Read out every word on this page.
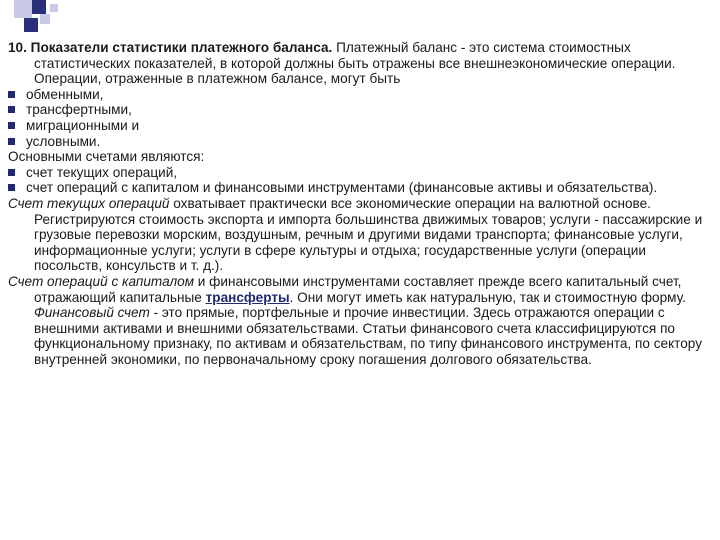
10. Показатели статистики платежного баланса. Платежный баланс - это система стоимостных статистических показателей, в которой должны быть отражены все внешнеэкономические операции. Операции, отраженные в платежном балансе, могут быть

обменными,

трансфертными,

миграционными и

условными.

Основными счетами являются:

счет текущих операций,

счет операций с капиталом и финансовыми инструментами (финансовые активы и обязательства).

Счет текущих операций охватывает практически все экономические операции на валютной основе. Регистрируются стоимость экспорта и импорта большинства движимых товаров; услуги - пассажирские и грузовые перевозки морским, воздушным, речным и другими видами транспорта; финансовые услуги, информационные услуги; услуги в сфере культуры и отдыха; государственные услуги (операции посольств, консульств и т. д.).

Счет операций с капиталом и финансовыми инструментами составляет прежде всего капитальный счет, отражающий капитальные трансферты. Они могут иметь как натуральную, так и стоимостную форму. Финансовый счет - это прямые, портфельные и прочие инвестиции. Здесь отражаются операции с внешними активами и внешними обязательствами. Статьи финансового счета классифицируются по функциональному признаку, по активам и обязательствам, по типу финансового инструмента, по сектору внутренней экономики, по первоначальному сроку погашения долгового обязательства.
